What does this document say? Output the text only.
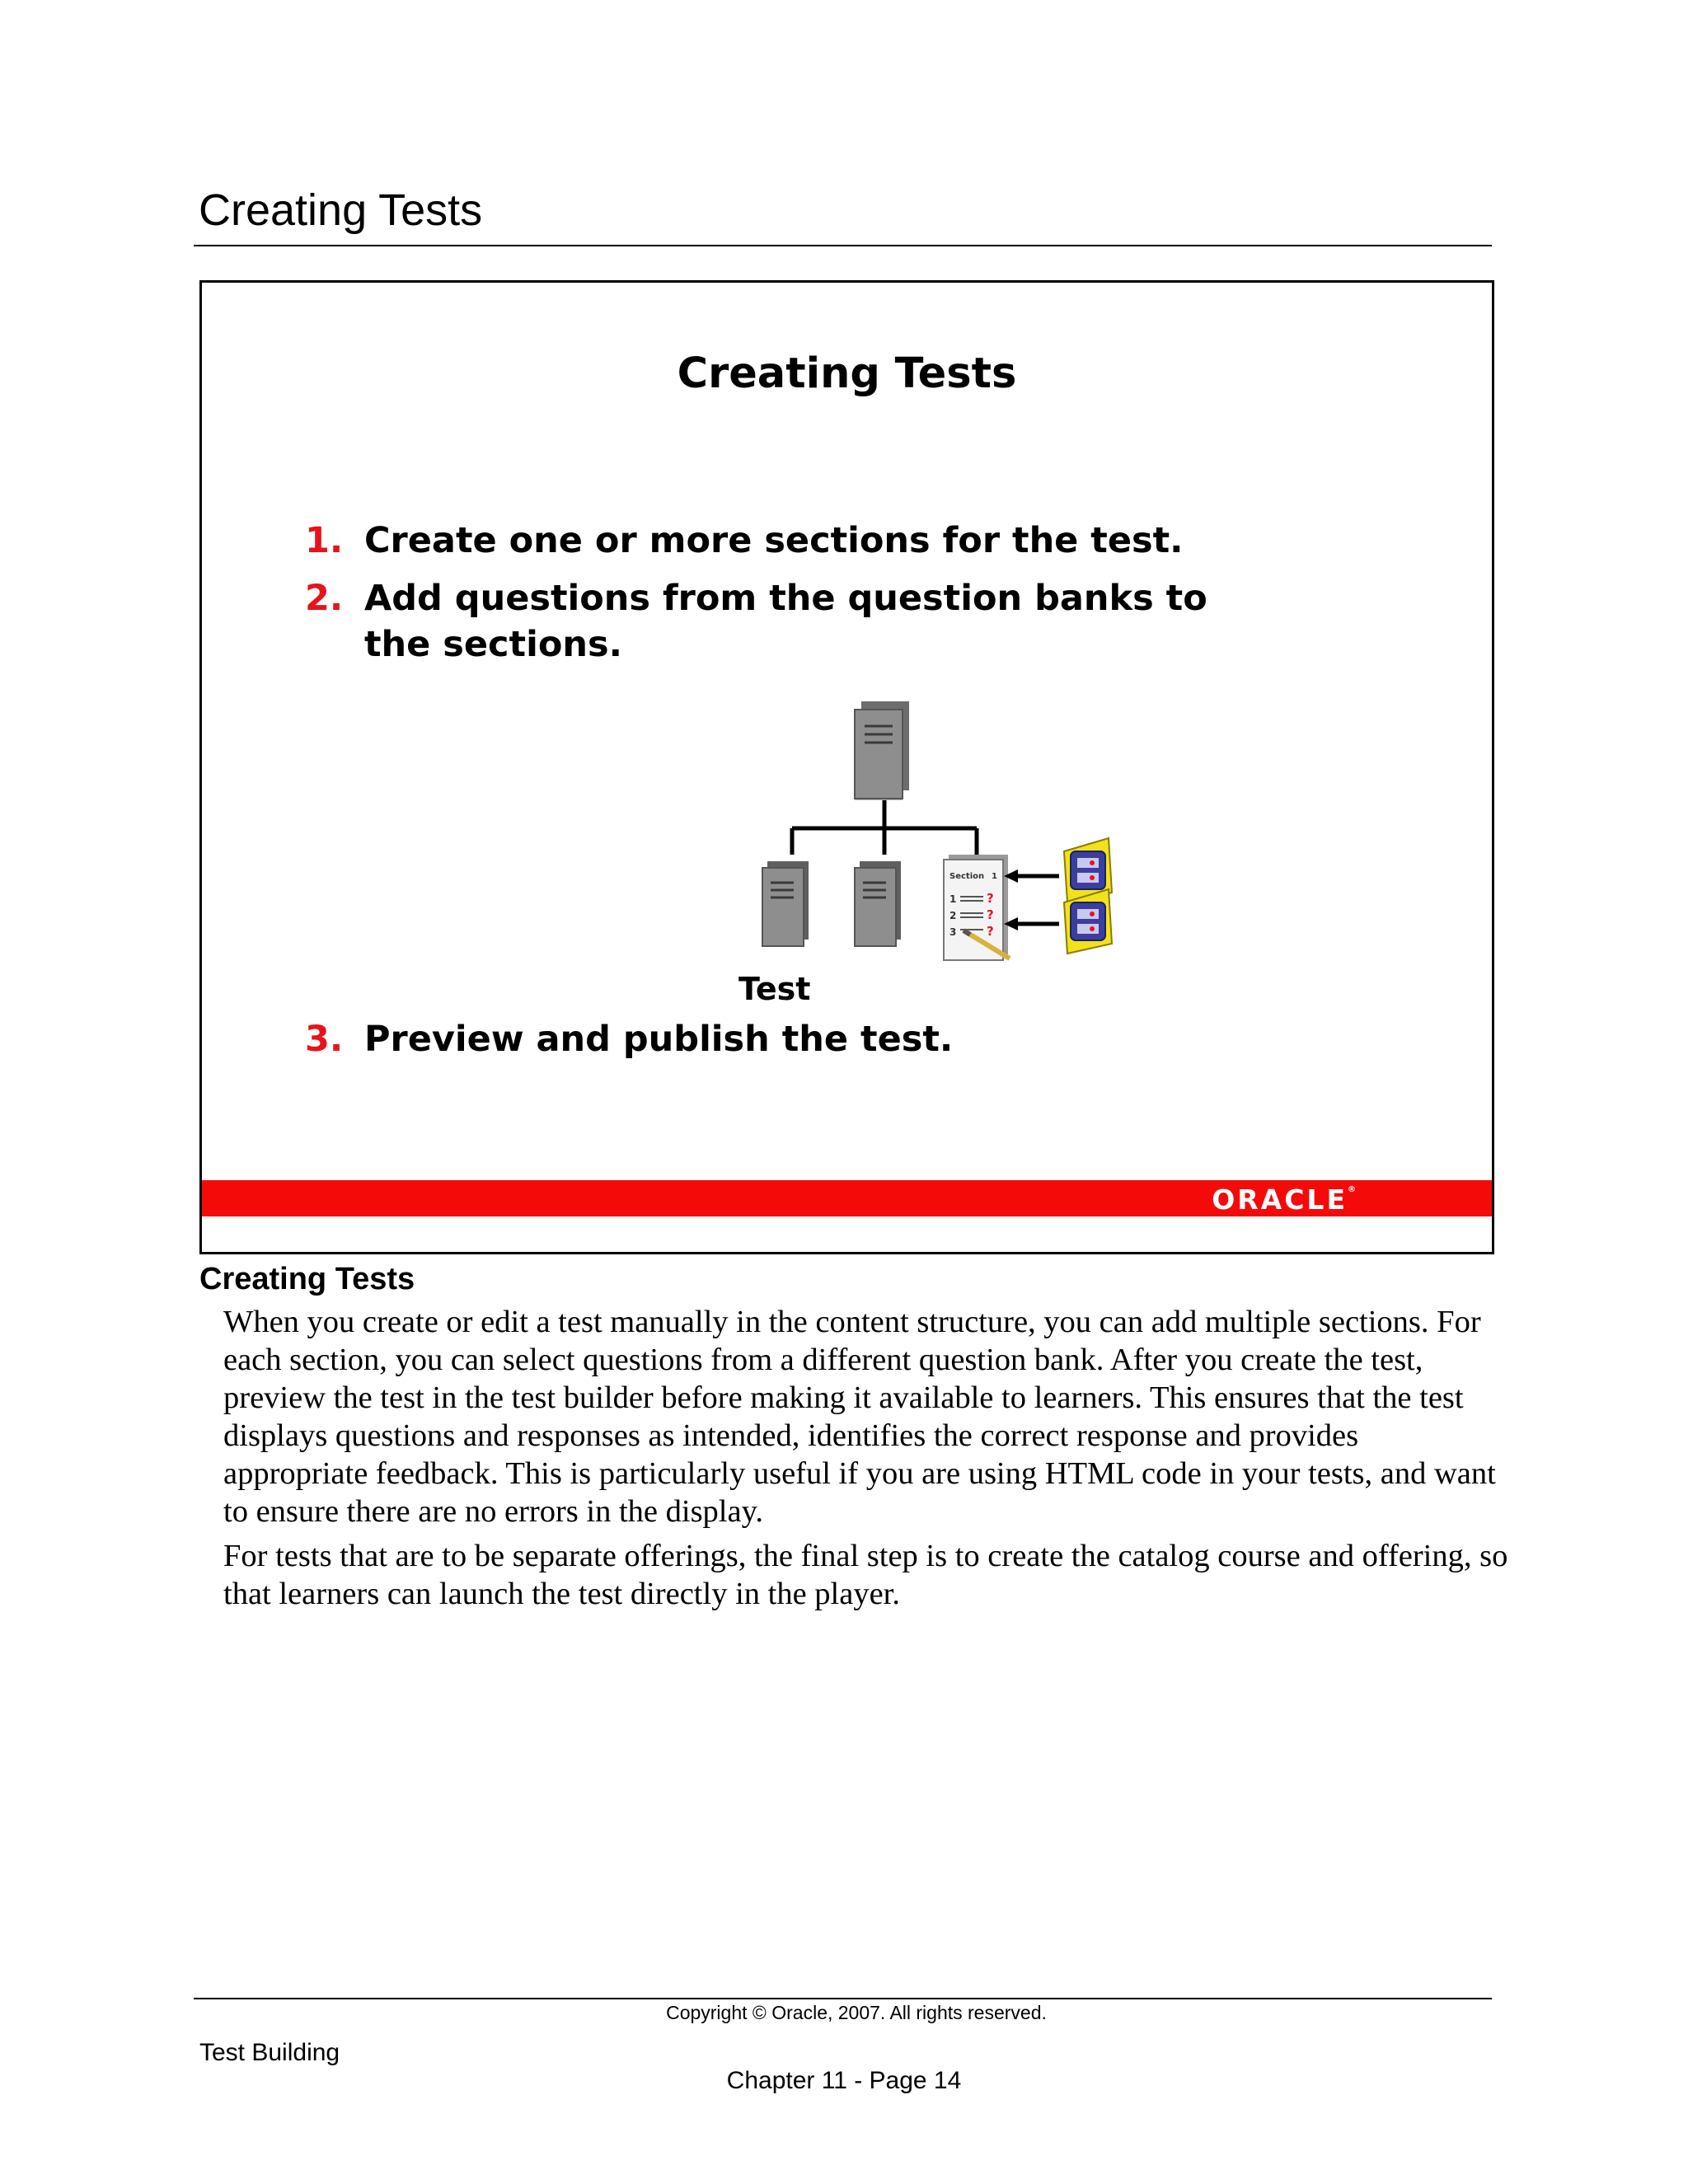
Creating Tests
Creating Tests
1. Create one or more sections for the test.
2. Add questions from the question banks to the sections.
Section 1
1
2
3
?
?
?
Test
3. Preview and publish the test.
ORACLE®
Creating Tests
When you create or edit a test manually in the content structure, you can add multiple sections. For each section, you can select questions from a different question bank. After you create the test, preview the test in the test builder before making it available to learners. This ensures that the test displays questions and responses as intended, identifies the correct response and provides appropriate feedback. This is particularly useful if you are using HTML code in your tests, and want to ensure there are no errors in the display.
For tests that are to be separate offerings, the final step is to create the catalog course and offering, so that learners can launch the test directly in the player.
Copyright © Oracle, 2007. All rights reserved.
Test Building
Chapter 11 - Page 14
